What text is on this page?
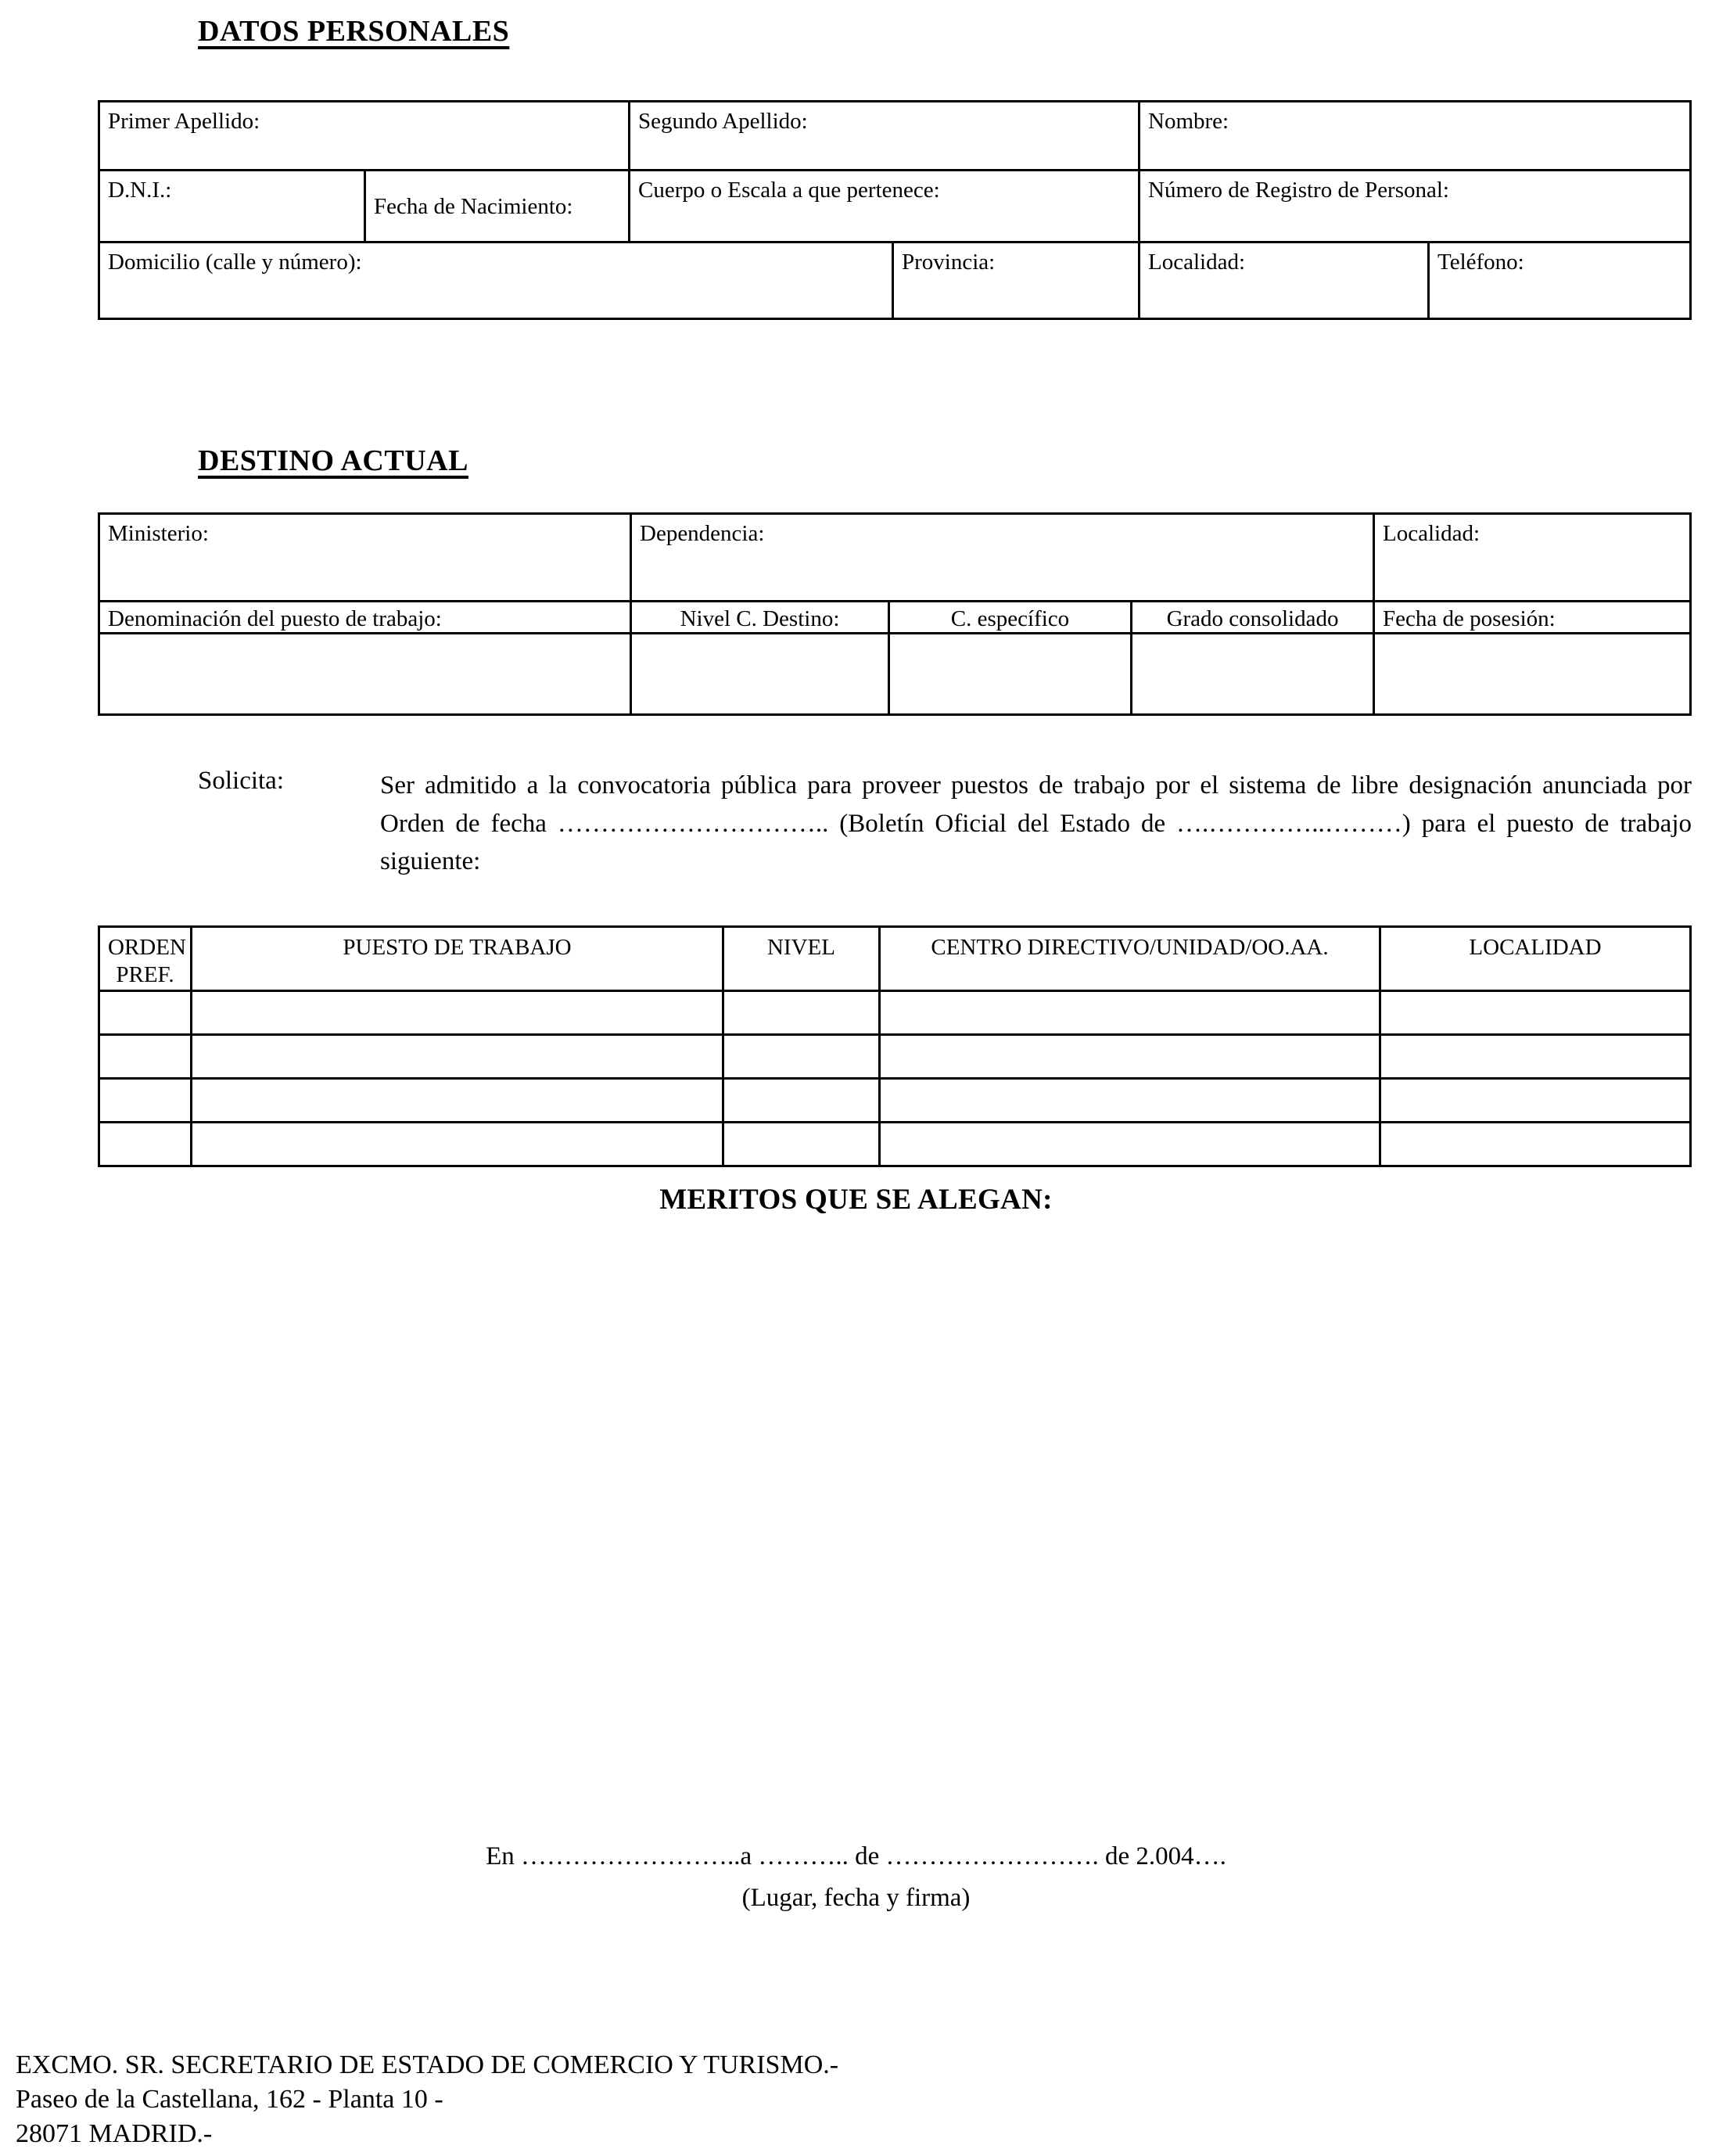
DATOS PERSONALES
Primer Apellido:		Segundo Apellido:		Nombre:	
D.N.I.:	Fecha de Nacimiento:	Cuerpo o Escala a que pertenece:		Número de Registro de Personal:	
Domicilio (calle y número):			Provincia:	Localidad:	Teléfono:
DESTINO ACTUAL
Ministerio:	Dependencia:			Localidad:
Denominación del puesto de trabajo:	Nivel C. Destino:	C. específico	Grado consolidado	Fecha de posesión:

Solicita:	Ser admitido a la convocatoria pública para proveer puestos de trabajo por el sistema de libre designación anunciada por Orden de fecha ………………………….. (Boletín Oficial del Estado de ….…………..………) para el puesto de trabajo siguiente:
ORDEN PREF.	PUESTO DE TRABAJO	NIVEL	CENTRO DIRECTIVO/UNIDAD/OO.AA.	LOCALIDAD

MERITOS QUE SE ALEGAN:
En ……………………..a ……….. de ……………………. de 2.004….
(Lugar, fecha y firma)
EXCMO. SR. SECRETARIO DE ESTADO DE COMERCIO Y TURISMO.-
Paseo de la Castellana, 162 - Planta 10 -
28071 MADRID.-
